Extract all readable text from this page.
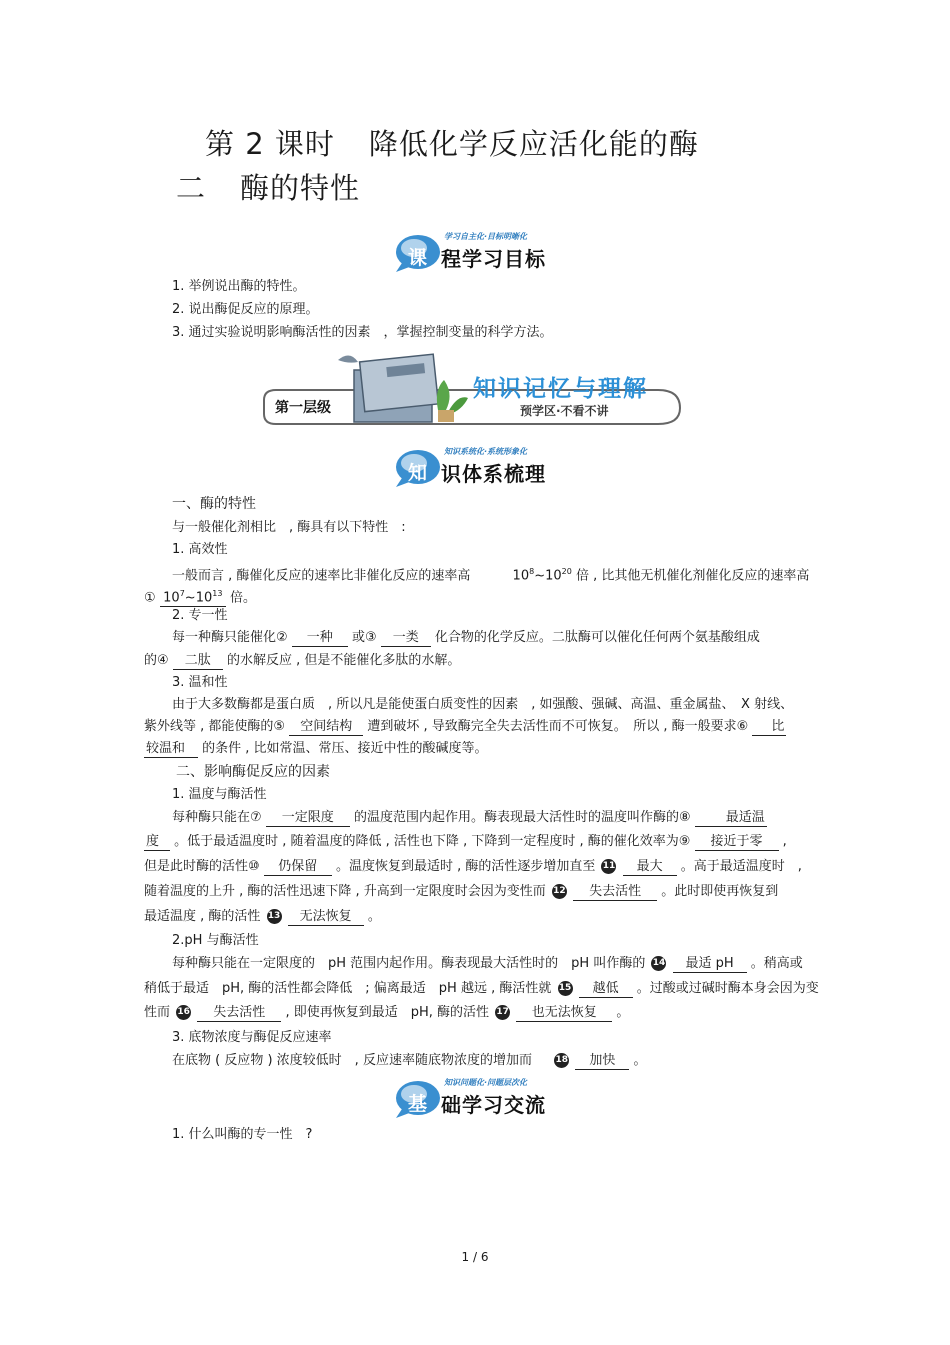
第 2 课时 降低化学反应活化能的酶
二 酶的特性
学习自主化·目标明晰化
课 程学习目标
1. 举例说出酶的特性。
2. 说出酶促反应的原理。
3. 通过实验说明影响酶活性的因素　，掌握控制变量的科学方法。
第一层级
知识记忆与理解
预学区·不看不讲
知识系统化·系统形象化
知 识体系梳理
一、酶的特性
与一般催化剂相比　, 酶具有以下特性　:
1. 高效性
一般而言 , 酶催化反应的速率比非催化反应的速率高	$10^8\sim 10^{20}$ 倍 , 比其他无机催化剂催化反应的速率高
① $10^7\sim 10^{13}$ 倍。
2. 专一性
每一种酶只能催化② 一种 或③ 一类 化合物的化学反应。二肽酶可以催化任何两个氨基酸组成
的④ 二肽 的水解反应 , 但是不能催化多肽的水解。
3. 温和性
由于大多数酶都是蛋白质　, 所以凡是能使蛋白质变性的因素　, 如强酸、强碱、高温、重金属盐、　X 射线、
紫外线等 , 都能使酶的⑤ 空间结构 遭到破坏 , 导致酶完全失去活性而不可恢复。　所以 , 酶一般要求⑥ 比
较温和 的条件 , 比如常温、常压、接近中性的酸碱度等。
二、影响酶促反应的因素
1. 温度与酶活性
每种酶只能在⑦ 一定限度 的温度范围内起作用。酶表现最大活性时的温度叫作酶的⑧	最适温
度 。低于最适温度时 , 随着温度的降低 , 活性也下降 , 下降到一定程度时 , 酶的催化效率为⑨ 接近于零 ,
但是此时酶的活性⑩ 仍保留 。温度恢复到最适时 , 酶的活性逐步增加直至 11 最大 。高于最适温度时　,
随着温度的上升 , 酶的活性迅速下降 , 升高到一定限度时会因为变性而 12 失去活性 。此时即使再恢复到
最适温度 , 酶的活性 13 无法恢复 。
2.pH 与酶活性
每种酶只能在一定限度的　pH 范围内起作用。酶表现最大活性时的　pH 叫作酶的 14 最适 pH 。稍高或
稍低于最适　pH, 酶的活性都会降低　; 偏离最适　pH 越远 , 酶活性就 15 越低 。过酸或过碱时酶本身会因为变
性而 16 失去活性 , 即使再恢复到最适　pH, 酶的活性 17 也无法恢复 。
3. 底物浓度与酶促反应速率
在底物 ( 反应物 ) 浓度较低时　, 反应速率随底物浓度的增加而	18 加快 。
知识问题化·问题层次化
基 础学习交流
1. 什么叫酶的专一性　?
1 / 6
